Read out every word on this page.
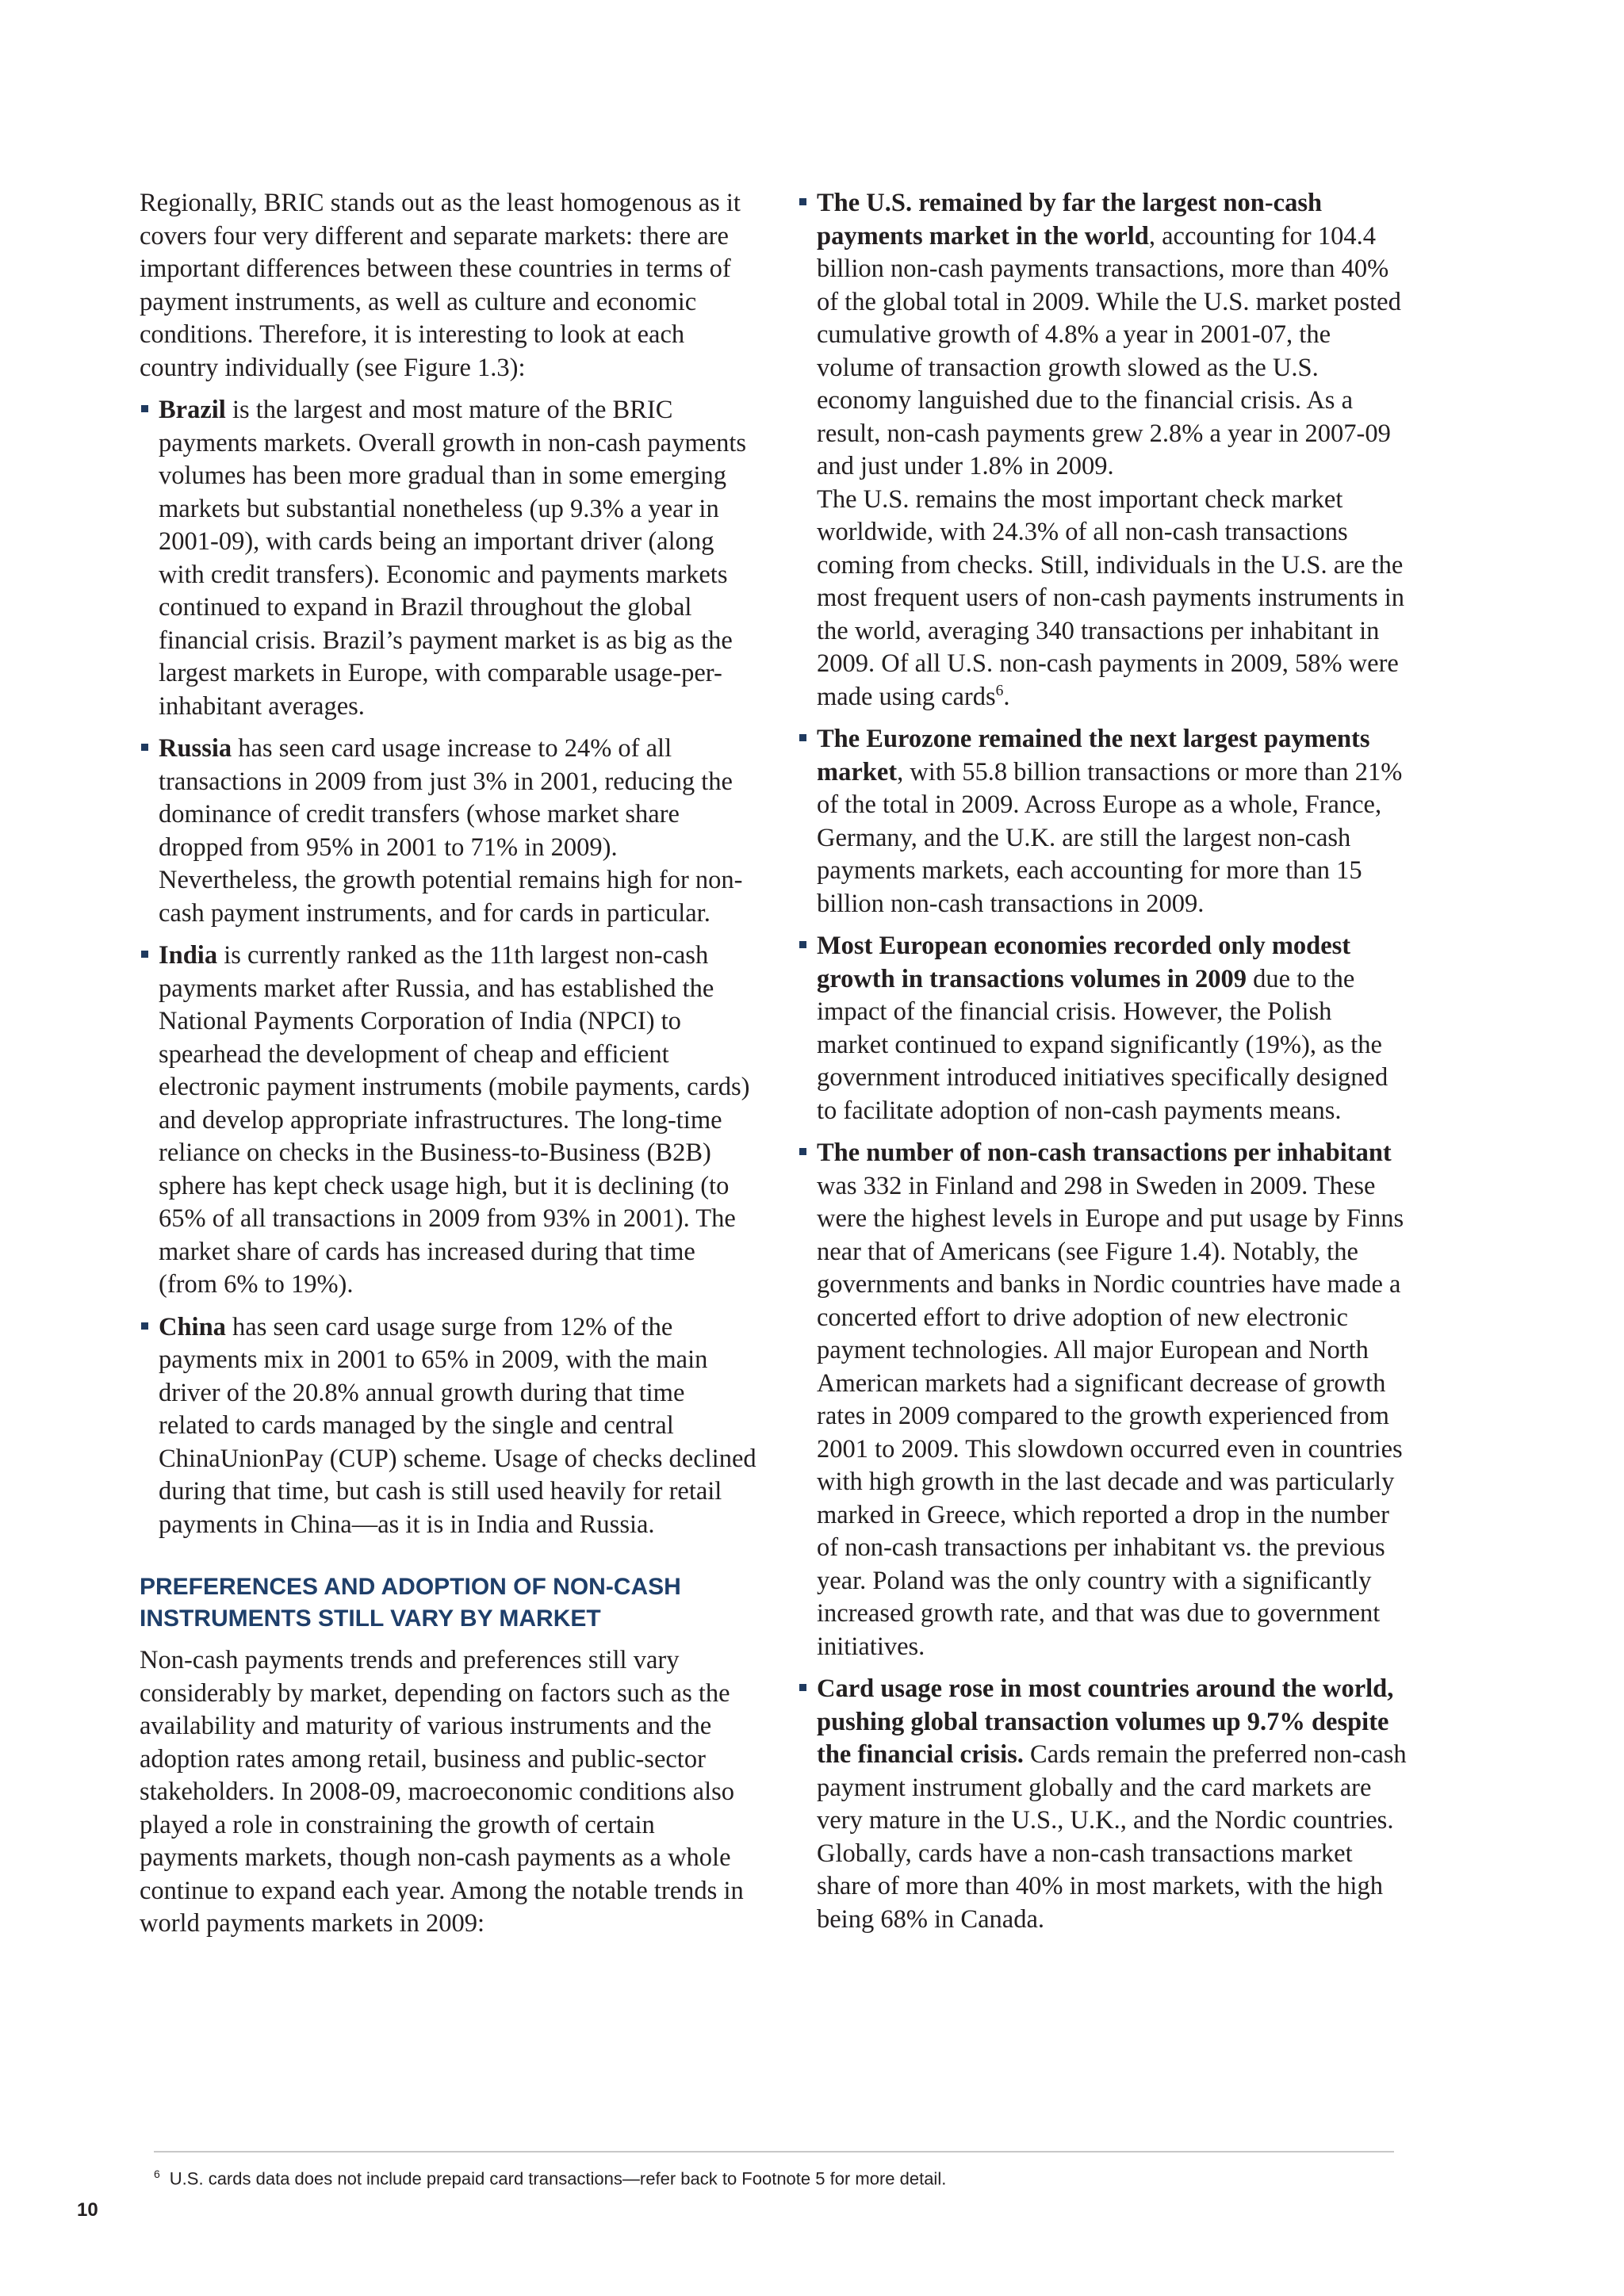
Regionally, BRIC stands out as the least homogenous as it covers four very different and separate markets: there are important differences between these countries in terms of payment instruments, as well as culture and economic conditions. Therefore, it is interesting to look at each country individually (see Figure 1.3):

Brazil is the largest and most mature of the BRIC payments markets. Overall growth in non-cash payments volumes has been more gradual than in some emerging markets but substantial nonetheless (up 9.3% a year in 2001-09), with cards being an important driver (along with credit transfers). Economic and payments markets continued to expand in Brazil throughout the global financial crisis. Brazil’s payment market is as big as the largest markets in Europe, with comparable usage-per-inhabitant averages.
Russia has seen card usage increase to 24% of all transactions in 2009 from just 3% in 2001, reducing the dominance of credit transfers (whose market share dropped from 95% in 2001 to 71% in 2009). Nevertheless, the growth potential remains high for non-cash payment instruments, and for cards in particular.
India is currently ranked as the 11th largest non-cash payments market after Russia, and has established the National Payments Corporation of India (NPCI) to spearhead the development of cheap and efficient electronic payment instruments (mobile payments, cards) and develop appropriate infrastructures. The long-time reliance on checks in the Business-to-Business (B2B) sphere has kept check usage high, but it is declining (to 65% of all transactions in 2009 from 93% in 2001). The market share of cards has increased during that time (from 6% to 19%).
China has seen card usage surge from 12% of the payments mix in 2001 to 65% in 2009, with the main driver of the 20.8% annual growth during that time related to cards managed by the single and central ChinaUnionPay (CUP) scheme. Usage of checks declined during that time, but cash is still used heavily for retail payments in China—as it is in India and Russia.
PREFERENCES AND ADOPTION OF NON-CASH INSTRUMENTS STILL VARY BY MARKET

Non-cash payments trends and preferences still vary considerably by market, depending on factors such as the availability and maturity of various instruments and the adoption rates among retail, business and public-sector stakeholders. In 2008-09, macroeconomic conditions also played a role in constraining the growth of certain payments markets, though non-cash payments as a whole continue to expand each year. Among the notable trends in world payments markets in 2009:

The U.S. remained by far the largest non-cash payments market in the world, accounting for 104.4 billion non-cash payments transactions, more than 40% of the global total in 2009. While the U.S. market posted cumulative growth of 4.8% a year in 2001-07, the volume of transaction growth slowed as the U.S. economy languished due to the financial crisis. As a result, non-cash payments grew 2.8% a year in 2007-09 and just under 1.8% in 2009.
The U.S. remains the most important check market worldwide, with 24.3% of all non-cash transactions coming from checks. Still, individuals in the U.S. are the most frequent users of non-cash payments instruments in the world, averaging 340 transactions per inhabitant in 2009. Of all U.S. non-cash payments in 2009, 58% were made using cards$^6$.
The Eurozone remained the next largest payments market, with 55.8 billion transactions or more than 21% of the total in 2009. Across Europe as a whole, France, Germany, and the U.K. are still the largest non-cash payments markets, each accounting for more than 15 billion non-cash transactions in 2009.
Most European economies recorded only modest growth in transactions volumes in 2009 due to the impact of the financial crisis. However, the Polish market continued to expand significantly (19%), as the government introduced initiatives specifically designed to facilitate adoption of non-cash payments means.
The number of non-cash transactions per inhabitant was 332 in Finland and 298 in Sweden in 2009. These were the highest levels in Europe and put usage by Finns near that of Americans (see Figure 1.4). Notably, the governments and banks in Nordic countries have made a concerted effort to drive adoption of new electronic payment technologies. All major European and North American markets had a significant decrease of growth rates in 2009 compared to the growth experienced from 2001 to 2009. This slowdown occurred even in countries with high growth in the last decade and was particularly marked in Greece, which reported a drop in the number of non-cash transactions per inhabitant vs. the previous year. Poland was the only country with a significantly increased growth rate, and that was due to government initiatives.
Card usage rose in most countries around the world, pushing global transaction volumes up 9.7% despite the financial crisis. Cards remain the preferred non-cash payment instrument globally and the card markets are very mature in the U.S., U.K., and the Nordic countries. Globally, cards have a non-cash transactions market share of more than 40% in most markets, with the high being 68% in Canada.
$^6$ U.S. cards data does not include prepaid card transactions—refer back to Footnote 5 for more detail.
10
